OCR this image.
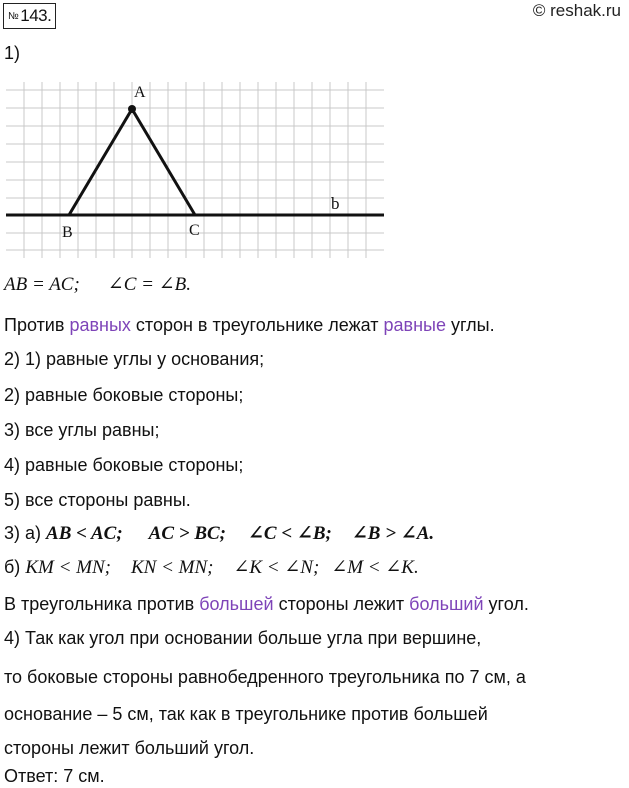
№ 143.	© reshak.ru
1)
A
B	C
b
AB = AC; ∠C = ∠B.
Против равных сторон в треугольнике лежат равные углы.
2) 1) равные углы у основания;
2) равные боковые стороны;
3) все углы равны;
4) равные боковые стороны;
5) все стороны равны.
3) а) AB < AC; AC > BC; ∠C < ∠B; ∠B > ∠A.
б) KM < MN; KN < MN; ∠K < ∠N; ∠M < ∠K.
В треугольника против большей стороны лежит больший угол.
4) Так как угол при основании больше угла при вершине,
то боковые стороны равнобедренного треугольника по 7 см, а
основание – 5 см, так как в треугольнике против большей
стороны лежит больший угол.
Ответ: 7 см.
